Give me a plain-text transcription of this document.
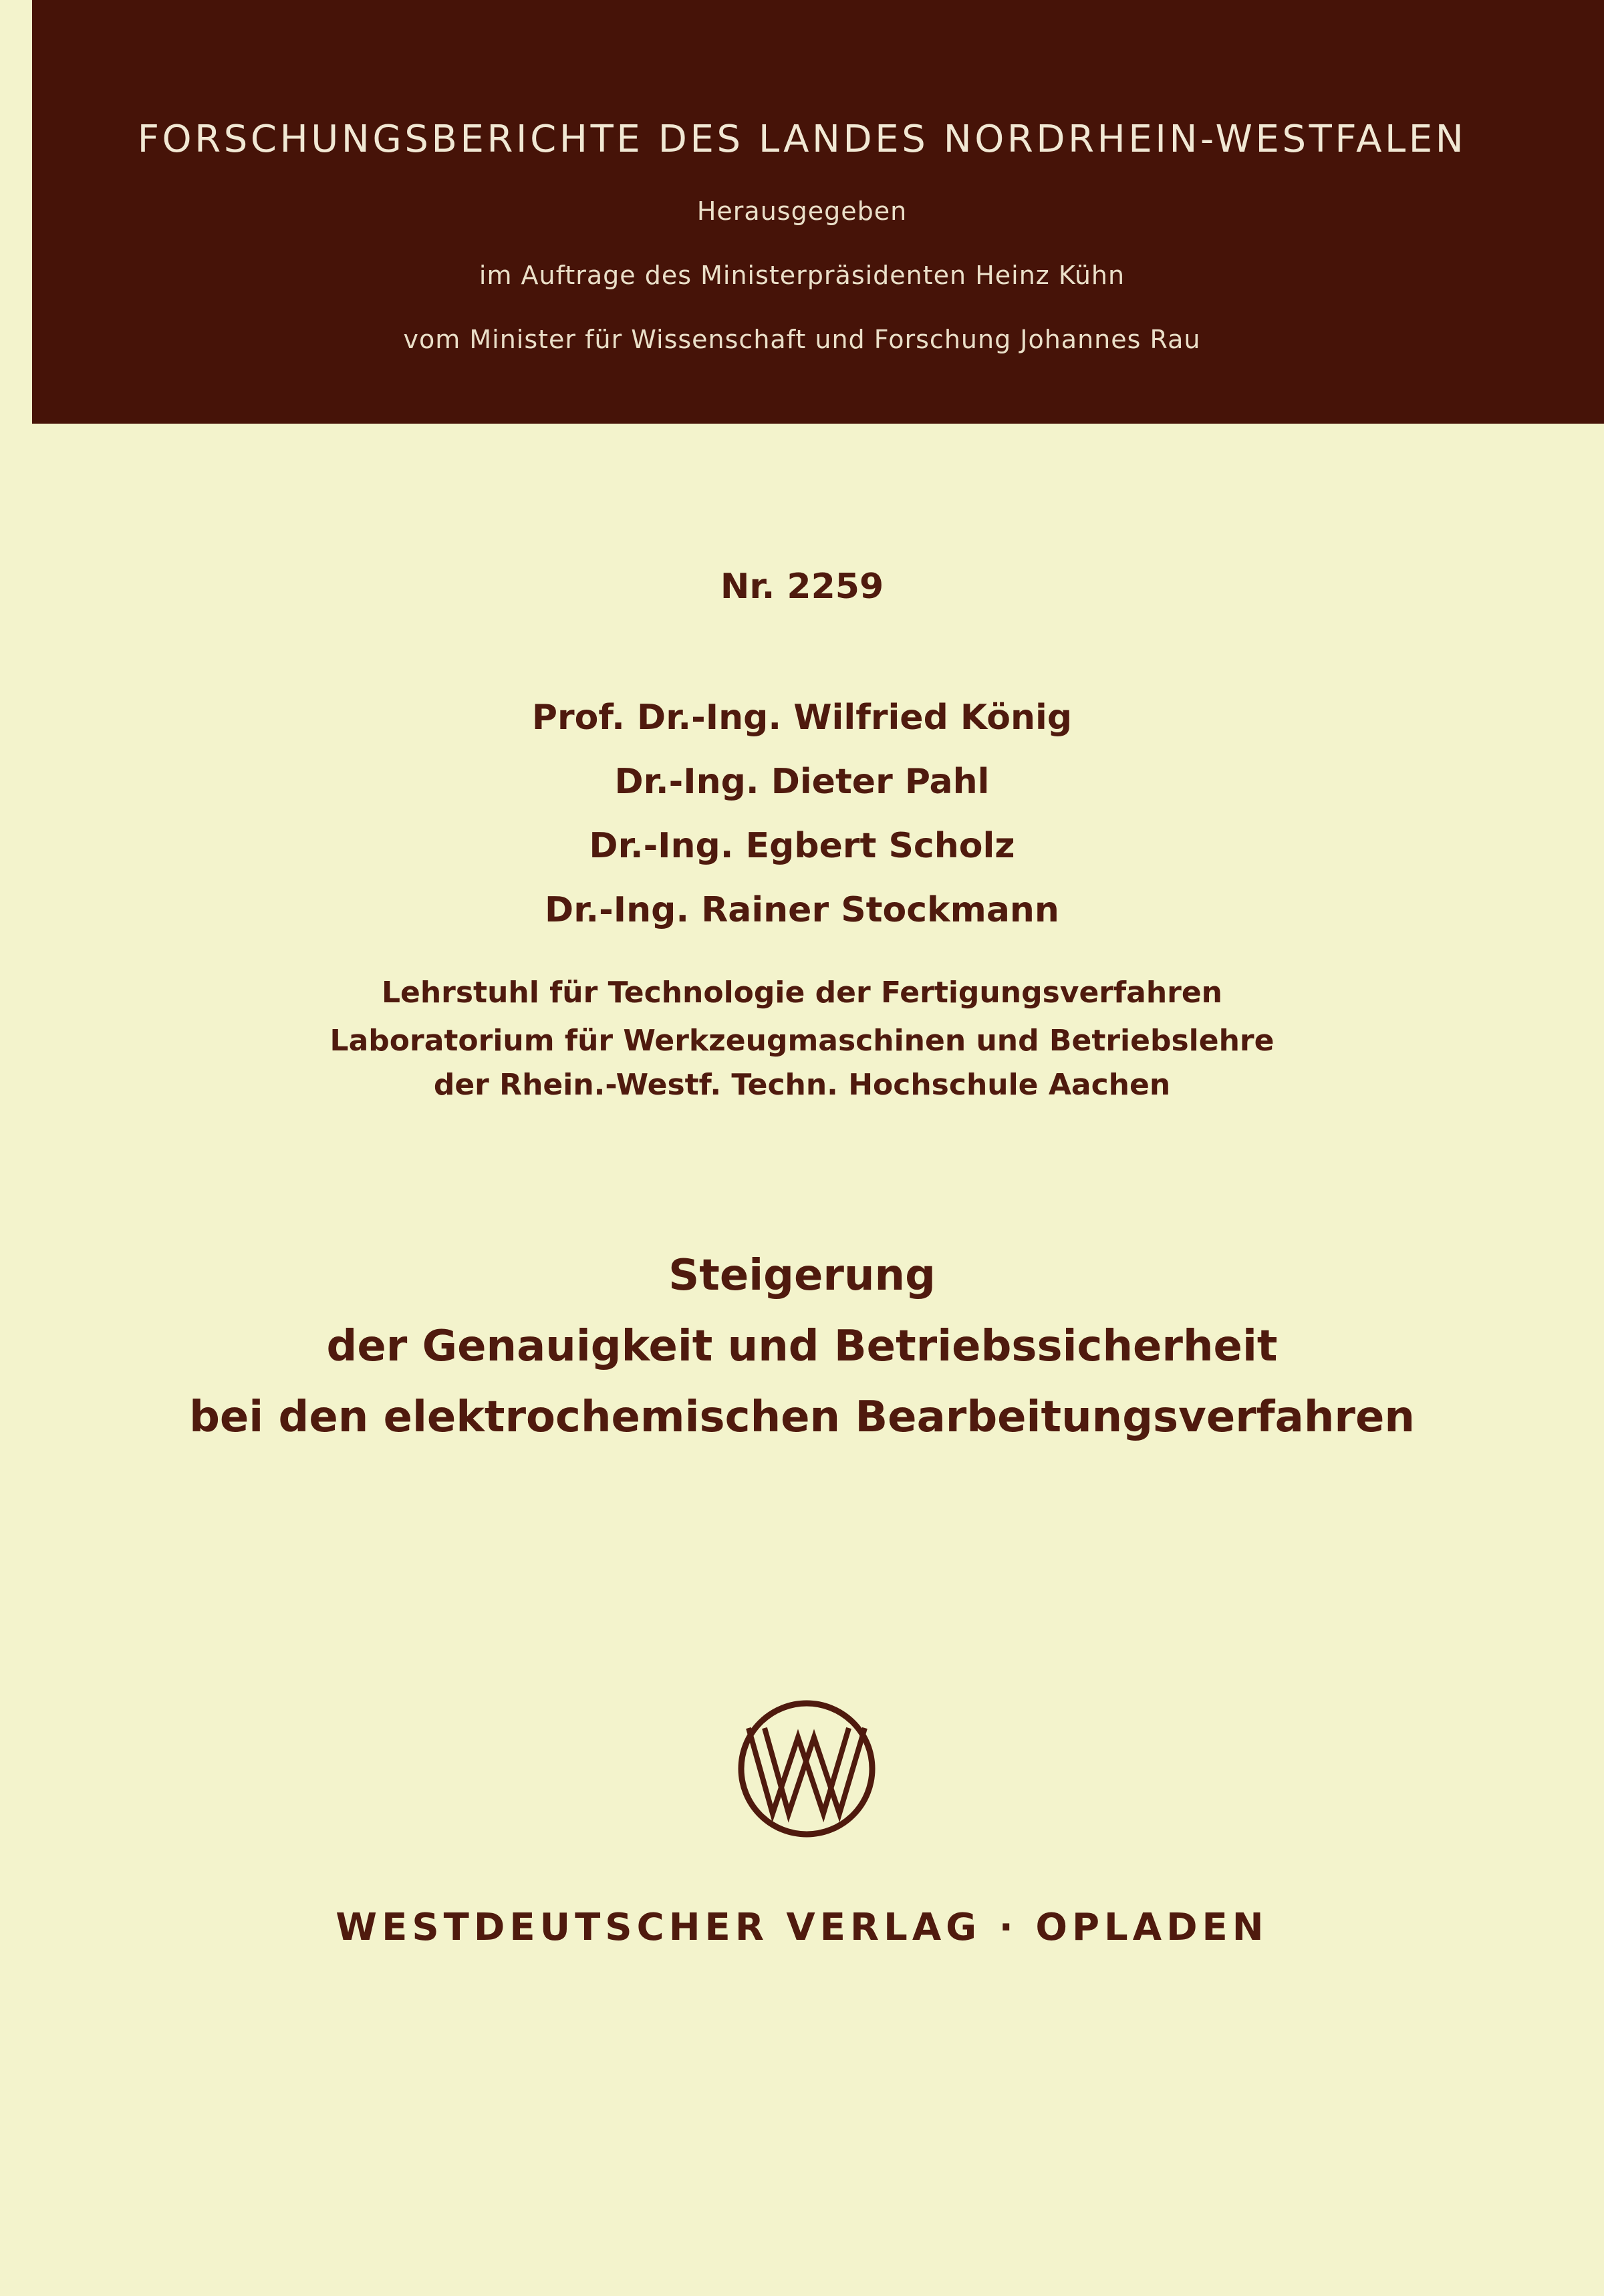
FORSCHUNGSBERICHTE DES LANDES NORDRHEIN-WESTFALEN
Herausgegeben
im Auftrage des Ministerpräsidenten Heinz Kühn
vom Minister für Wissenschaft und Forschung Johannes Rau
Nr. 2259
Prof. Dr.-Ing. Wilfried König
Dr.-Ing. Dieter Pahl
Dr.-Ing. Egbert Scholz
Dr.-Ing. Rainer Stockmann
Lehrstuhl für Technologie der Fertigungsverfahren
Laboratorium für Werkzeugmaschinen und Betriebslehre
der Rhein.-Westf. Techn. Hochschule Aachen
Steigerung
der Genauigkeit und Betriebssicherheit
bei den elektrochemischen Bearbeitungsverfahren
WESTDEUTSCHER VERLAG · OPLADEN
